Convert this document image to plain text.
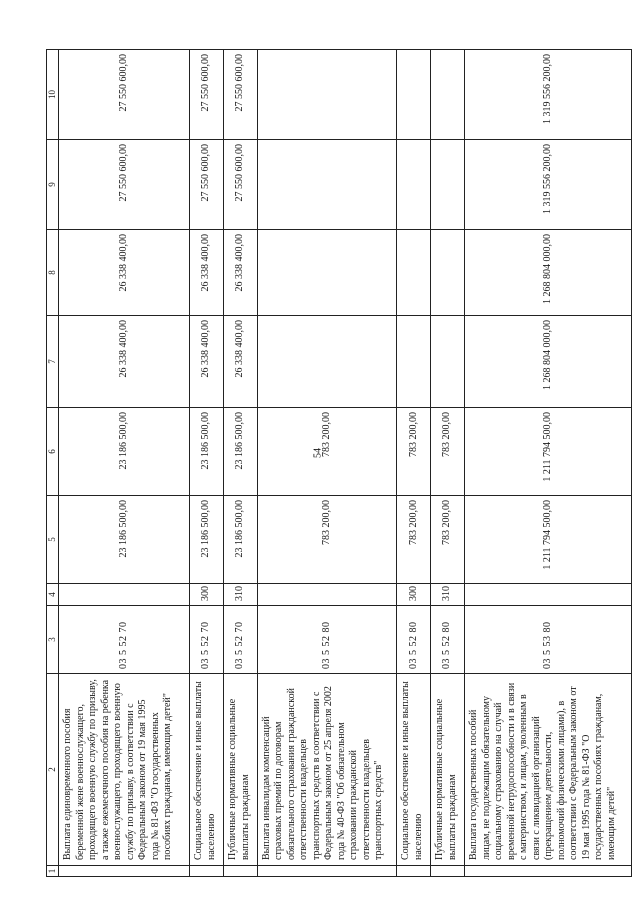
54
1	2	3	4	5	6	7	8	9	10
	Выплата единовременного пособия беременной жене военнослужащего, проходящего военную службу по призыву, а также ежемесячного пособия на ребенка военнослужащего, проходящего военную службу по призыву, в соответствии с Федеральным законом от 19 мая 1995 года № 81-ФЗ "О государственных пособиях гражданам, имеющим детей"	03 5 52 70		23 186 500,00	23 186 500,00	26 338 400,00	26 338 400,00	27 550 600,00	27 550 600,00
	Социальное обеспечение и иные выплаты населению	03 5 52 70	300	23 186 500,00	23 186 500,00	26 338 400,00	26 338 400,00	27 550 600,00	27 550 600,00
	Публичные нормативные социальные выплаты гражданам	03 5 52 70	310	23 186 500,00	23 186 500,00	26 338 400,00	26 338 400,00	27 550 600,00	27 550 600,00
	Выплата инвалидам компенсаций страховых премий по договорам обязательного страхования гражданской ответственности владельцев транспортных средств в соответствии с Федеральным законом от 25 апреля 2002 года № 40-ФЗ "Об обязательном страховании гражданской ответственности владельцев транспортных средств"	03 5 52 80		783 200,00	783 200,00				
	Социальное обеспечение и иные выплаты населению	03 5 52 80	300	783 200,00	783 200,00				
	Публичные нормативные социальные выплаты гражданам	03 5 52 80	310	783 200,00	783 200,00				
	Выплата государственных пособий лицам, не подлежащим обязательному социальному страхованию на случай временной нетрудоспособности и в связи с материнством, и лицам, уволенным в связи с ликвидацией организаций (прекращением деятельности, полномочий физическими лицами), в соответствии с Федеральным законом от 19 мая 1995 года № 81-ФЗ "О государственных пособиях гражданам, имеющим детей"	03 5 53 80		1 211 794 500,00	1 211 794 500,00	1 268 804 000,00	1 268 804 000,00	1 319 556 200,00	1 319 556 200,00
